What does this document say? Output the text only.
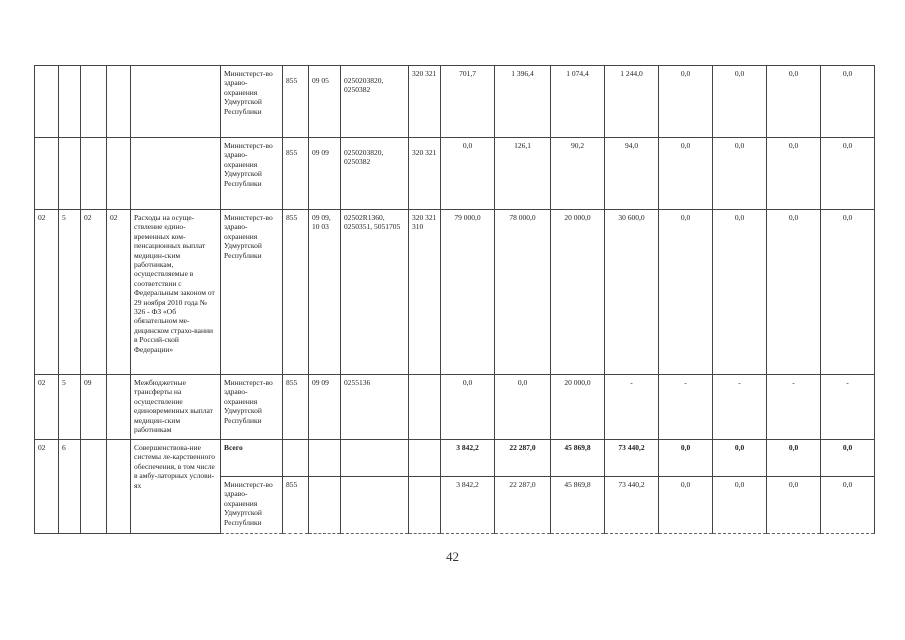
					Министерст-во здраво-охранения Удмуртской Республики	855	09 05	0250203820, 0250382	320 321	701,7	1 396,4	1 074,4	1 244,0	0,0	0,0	0,0	0,0
					Министерст-во здраво-охранения Удмуртской Республики	855	09 09	0250203820, 0250382	320 321	0,0	126,1	90,2	94,0	0,0	0,0	0,0	0,0
02	5	02	02	Расходы на осуще-ствление едино-временных ком-пенсационных выплат медицин-ским работникам, осуществляемые в соответствии с Федеральным законом от 29 ноября 2010 года № 326 - ФЗ «Об обязательном ме-дицинском страхо-вании в Россий-ской Федерации»	Министерст-во здраво-охранения Удмуртской Республики	855	09 09, 10 03	02502R1360, 0250351, 5051705	320 321 310	79 000,0	78 000,0	20 000,0	30 600,0	0,0	0,0	0,0	0,0
02	5	09		Межбюджетные трансферты на осуществление единовременных выплат медицин-ским работникам	Министерст-во здраво-охранения Удмуртской Республики	855	09 09	0255136		0,0	0,0	20 000,0	-	-	-	-	-
02	6			Совершенствова-ние системы ле-карственного обеспечения, в том числе в амбу-латорных услови-ях	Всего					3 842,2	22 287,0	45 869,8	73 440,2	0,0	0,0	0,0	0,0
					Министерст-во здраво-охранения Удмуртской Республики	855				3 842,2	22 287,0	45 869,8	73 440,2	0,0	0,0	0,0	0,0
42
